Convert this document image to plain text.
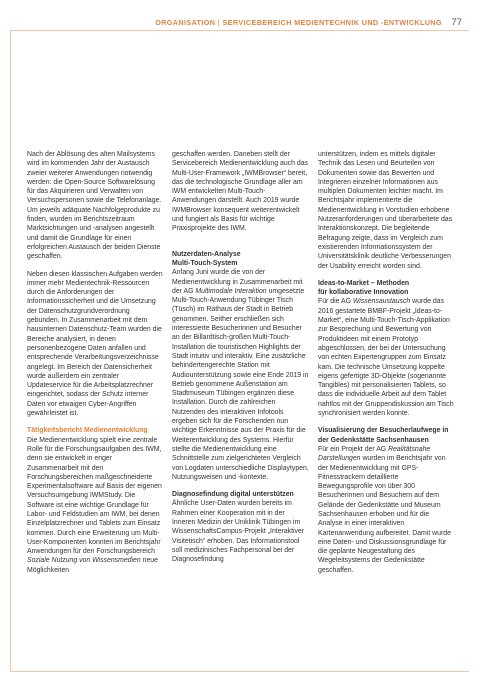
ORGANISATION | SERVICEBEREICH MEDIENTECHNIK UND -ENTWICKLUNG 77

Nach der Ablösung des alten Mailsystems wird im kommenden Jahr der Austausch zweier weiterer Anwendungen notwendig werden: die Open-Source Softwarelösung für das Akquirieren und Verwalten von Versuchspersonen sowie die Telefonanlage. Um jeweils adäquate Nachfolgeprodukte zu finden, wurden im Berichtszeitraum Marktsichtungen und -analysen angestellt und damit die Grundlage für einen erfolgreichen Austausch der beiden Dienste geschaffen.

Neben diesen klassischen Aufgaben werden immer mehr Medientechnik-Ressourcen durch die Anforderungen der Informationssicherheit und die Umsetzung der Datenschutzgrundverordnung gebunden. In Zusammenarbeit mit dem hausinternen Datenschutz-Team wurden die Bereiche analysiert, in denen personenbezogene Daten anfallen und entsprechende Verarbeitungsverzeichnisse angelegt. Im Bereich der Datensicherheit wurde außerdem ein zentraler Updateservice für die Arbeitsplatzrechner eingerichtet, sodass der Schutz interner Daten vor etwaigen Cyber-Angriffen gewährleistet ist.

Tätigkeitsbericht Medienentwicklung

Die Medienentwicklung spielt eine zentrale Rolle für die Forschungsaufgaben des IWM, denn sie entwickelt in enger Zusammenarbeit mit den Forschungsbereichen maßgeschneiderte Experimentalsoftware auf Basis der eigenen Versuchsumgebung IWMStudy. Die Software ist eine wichtige Grundlage für Labor- und Feldstudien am IWM, bei denen Einzelplatzrechner und Tablets zum Einsatz kommen. Durch eine Erweiterung um Multi-User-Komponenten konnten im Berichtsjahr Anwendungen für den Forschungsbereich Soziale Nutzung von Wissensmedien neue Möglichkeiten

geschaffen werden. Daneben stellt der Servicebereich Medienentwicklung auch das Multi-User-Framework „IWMBrowser“ bereit, das die technologische Grundlage aller am IWM entwickelten Multi-Touch-Anwendungen darstellt. Auch 2019 wurde IWMBrowser konsequent weiterentwickelt und fungiert als Basis für wichtige Praxisprojekte des IWM.

Nutzerdaten-Analyse
Multi-Touch-System

Anfang Juni wurde die von der Medienentwicklung in Zusammenarbeit mit der AG Multimodale Interaktion umgesetzte Multi-Touch-Anwendung Tübinger Tisch (Tüsch) im Rathaus der Stadt in Betrieb genommen. Seither erschließen sich interessierte Besucherinnen und Besucher an der Billardtisch-großen Multi-Touch-Installation die touristischen Highlights der Stadt intuitiv und interaktiv. Eine zusätzliche behindertengerechte Station mit Audiounterstützung sowie eine Ende 2019 in Betrieb genommene Außenstation am Stadtmuseum Tübingen ergänzen diese Installation. Durch die zahlreichen Nutzenden des interaktiven Infotools ergeben sich für die Forschenden nun wichtige Erkenntnisse aus der Praxis für die Weiterentwicklung des Systems. Hierfür stellte die Medienentwicklung eine Schnittstelle zum zielgerichteten Vergleich von Logdaten unterschiedliche Displaytypen, Nutzungsweisen und -kontexte.

Diagnosefindung digital unterstützen

Ähnliche User-Daten wurden bereits im Rahmen einer Kooperation mit in der Inneren Medizin der Uniklinik Tübingen im WissenschaftsCampus-Projekt „Interaktiver Visitetisch“ erhoben. Das Informationstool soll medizinisches Fachpersonal bei der Diagnosefindung

unterstützen, indem es mittels digitaler Technik das Lesen und Beurteilen von Dokumenten sowie das Bewerten und Integrieren einzelner Informationen aus multiplen Dokumenten leichter macht. Im Berichtsjahr implementierte die Medienentwicklung in Vorstudien erhobene Nutzeranforderungen und überarbeitete das Interaktionskonzept. Die begleitende Befragung zeigte, dass im Vergleich zum existierenden Informationssystem der Universitätsklinik deutliche Verbesserungen der Usability erreicht worden sind.

Ideas-to-Market – Methoden
für kollaborative Innovation

Für die AG Wissensaustausch wurde das 2016 gestartete BMBF-Projekt „Ideas-to-Market“, eine Multi-Touch-Tisch-Applikation zur Besprechung und Bewertung von Produktideen mit einem Prototyp abgeschlossen, der bei der Untersuchung von echten Expertengruppen zum Einsatz kam. Die technische Umsetzung koppelte eigens gefertigte 3D-Objekte (sogenannte Tangibles) mit personalisierten Tablets, so dass die individuelle Arbeit auf dem Tablet nahtlos mit der Gruppendiskussion am Tisch synchronisiert werden konnte.

Visualisierung der Besucherlaufwege in
der Gedenkstätte Sachsenhausen

Für ein Projekt der AG Realitätsnahe Darstellungen wurden im Berichtsjahr von der Medienentwicklung mit GPS-Fitnesstrackern detaillierte Bewegungsprofile von über 300 Besucherinnen und Besuchern auf dem Gelände der Gedenkstätte und Museum Sachsenhausen erhoben und für die Analyse in einer interaktiven Kartenanwendung aufbereitet. Damit wurde eine Daten- und Diskussionsgrundlage für die geplante Neugestaltung des Wegeleitsystems der Gedenkstätte geschaffen.
